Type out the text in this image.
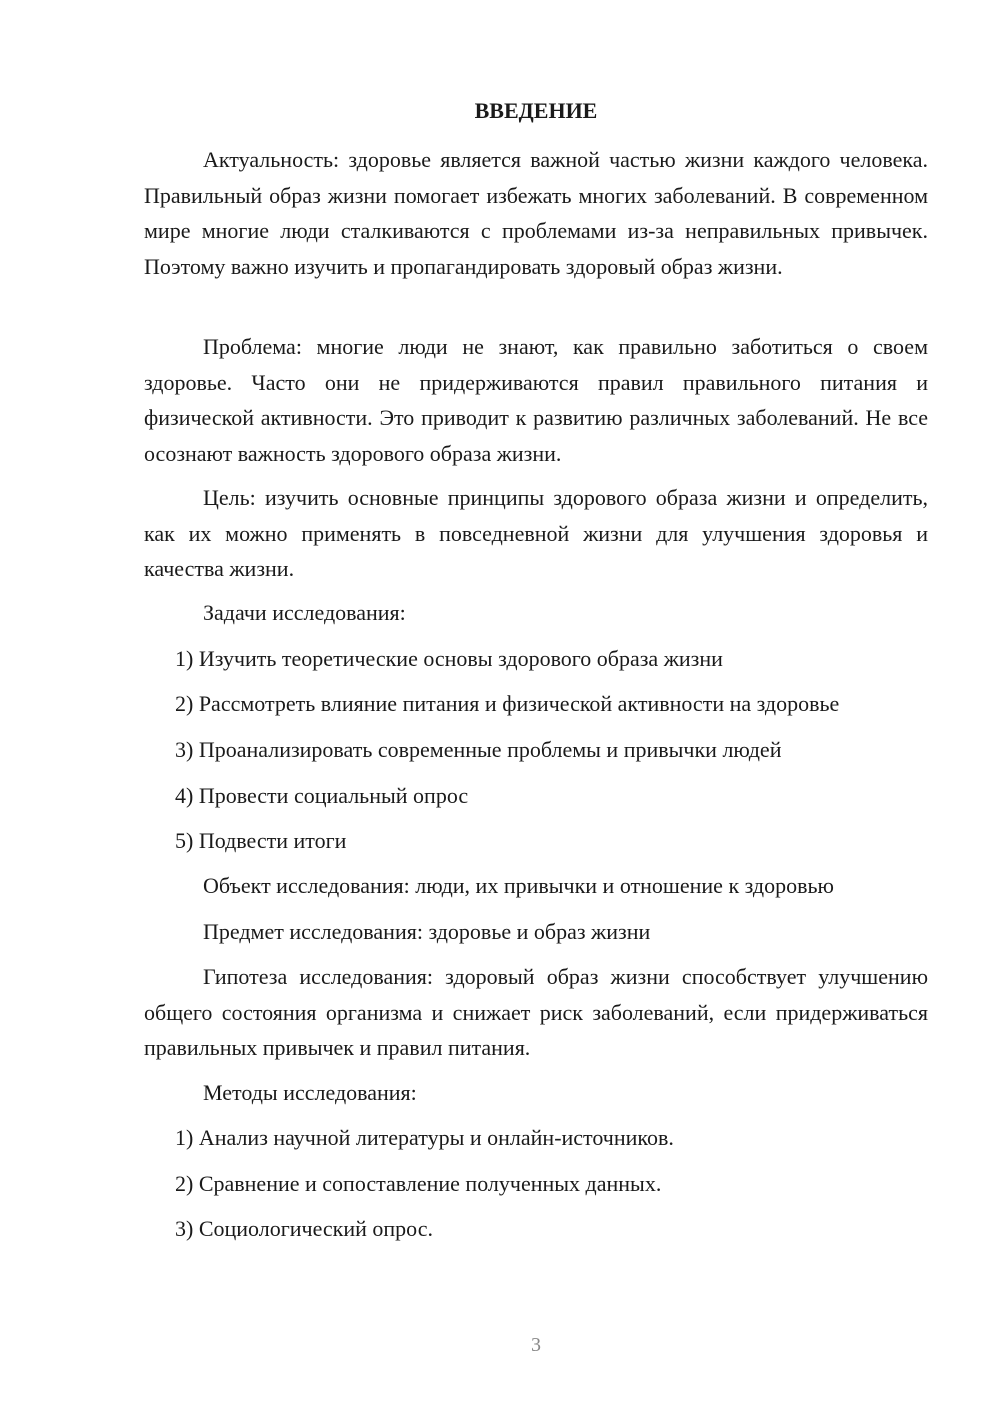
ВВЕДЕНИЕ

Актуальность: здоровье является важной частью жизни каждого человека. Правильный образ жизни помогает избежать многих заболеваний. В современном мире многие люди сталкиваются с проблемами из-за неправильных привычек. Поэтому важно изучить и пропагандировать здоровый образ жизни.

Проблема: многие люди не знают, как правильно заботиться о своем здоровье. Часто они не придерживаются правил правильного питания и физической активности. Это приводит к развитию различных заболеваний. Не все осознают важность здорового образа жизни.

Цель: изучить основные принципы здорового образа жизни и определить, как их можно применять в повседневной жизни для улучшения здоровья и качества жизни.

Задачи исследования:

1) Изучить теоретические основы здорового образа жизни

2) Рассмотреть влияние питания и физической активности на здоровье

3) Проанализировать современные проблемы и привычки людей

4) Провести социальный опрос

5) Подвести итоги

Объект исследования: люди, их привычки и отношение к здоровью

Предмет исследования: здоровье и образ жизни

Гипотеза исследования: здоровый образ жизни способствует улучшению общего состояния организма и снижает риск заболеваний, если придерживаться правильных привычек и правил питания.

Методы исследования:

1) Анализ научной литературы и онлайн-источников.

2) Сравнение и сопоставление полученных данных.

3) Социологический опрос.

3
